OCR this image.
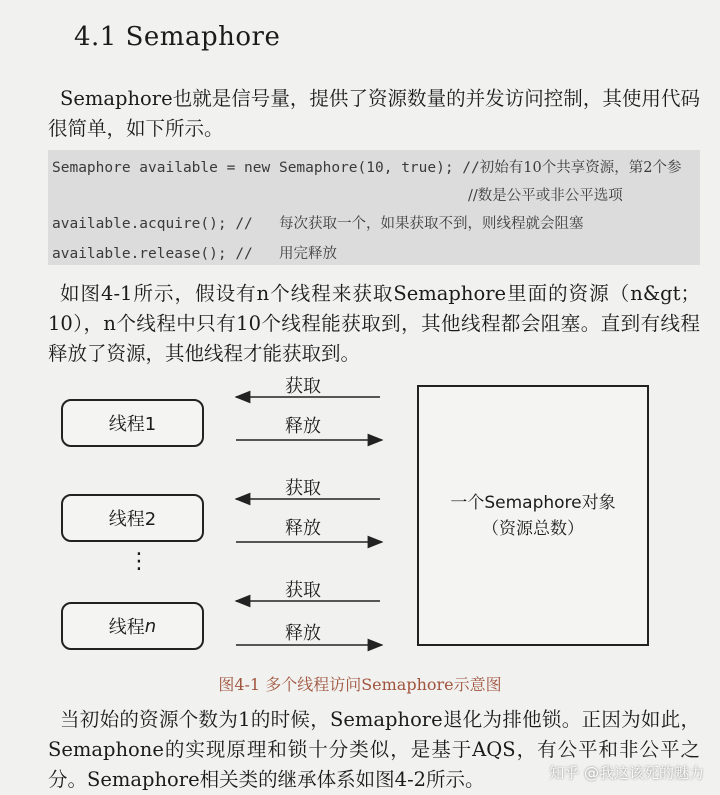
4.1 Semaphore

Semaphore也就是信号量，提供了资源数量的并发访问控制，其使用代码很简单，如下所示。

Semaphore available = new Semaphore(10, true); //初始有10个共享资源，第2个参
//数是公平或非公平选项
available.acquire(); //   每次获取一个，如果获取不到，则线程就会阻塞
available.release(); //   用完释放

如图4-1所示，假设有n个线程来获取Semaphore里面的资源（n&gt；10），n个线程中只有10个线程能获取到，其他线程都会阻塞。直到有线程释放了资源，其他线程才能获取到。

获取
释放
获取
释放
获取
释放
线程1
线程2
⋮
线程 n
一个Semaphore对象
（资源总数）
图4-1 多个线程访问Semaphore示意图

当初始的资源个数为1的时候，Semaphore退化为排他锁。正因为如此，Semaphone的实现原理和锁十分类似，是基于AQS，有公平和非公平之分。Semaphore相关类的继承体系如图4-2所示。	知乎 @我这该死的魅力
